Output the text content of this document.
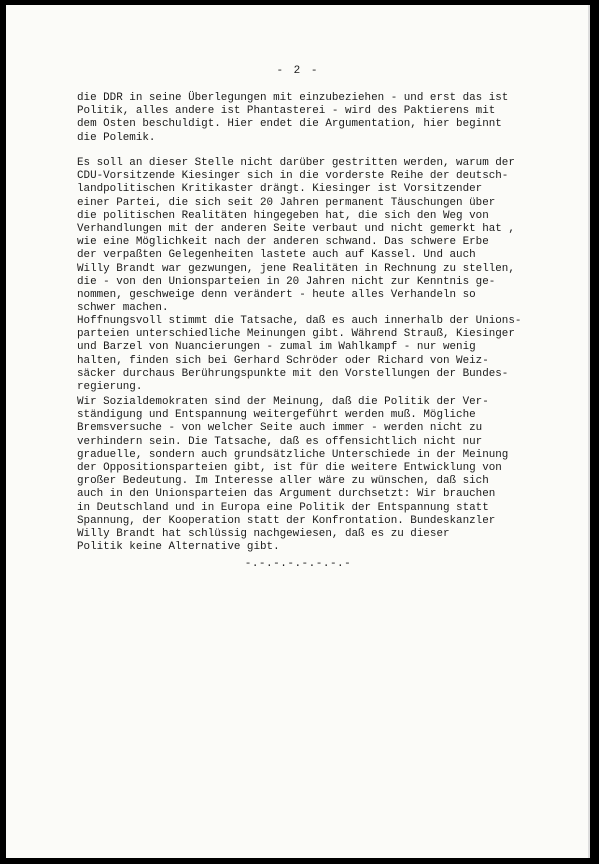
- 2 -
die DDR in seine Überlegungen mit einzubeziehen - und erst das ist
Politik, alles andere ist Phantasterei - wird des Paktierens mit
dem Osten beschuldigt. Hier endet die Argumentation, hier beginnt
die Polemik.
Es soll an dieser Stelle nicht darüber gestritten werden, warum der
CDU-Vorsitzende Kiesinger sich in die vorderste Reihe der deutsch-
landpolitischen Kritikaster drängt. Kiesinger ist Vorsitzender
einer Partei, die sich seit 20 Jahren permanent Täuschungen über
die politischen Realitäten hingegeben hat, die sich den Weg von
Verhandlungen mit der anderen Seite verbaut und nicht gemerkt hat ,
wie eine Möglichkeit nach der anderen schwand. Das schwere Erbe
der verpaßten Gelegenheiten lastete auch auf Kassel. Und auch
Willy Brandt war gezwungen, jene Realitäten in Rechnung zu stellen,
die - von den Unionsparteien in 20 Jahren nicht zur Kenntnis ge-
nommen, geschweige denn verändert - heute alles Verhandeln so
schwer machen.
Hoffnungsvoll stimmt die Tatsache, daß es auch innerhalb der Unions-
parteien unterschiedliche Meinungen gibt. Während Strauß, Kiesinger
und Barzel von Nuancierungen - zumal im Wahlkampf - nur wenig
halten, finden sich bei Gerhard Schröder oder Richard von Weiz-
säcker durchaus Berührungspunkte mit den Vorstellungen der Bundes-
regierung.
Wir Sozialdemokraten sind der Meinung, daß die Politik der Ver-
ständigung und Entspannung weitergeführt werden muß. Mögliche
Bremsversuche - von welcher Seite auch immer - werden nicht zu
verhindern sein. Die Tatsache, daß es offensichtlich nicht nur
graduelle, sondern auch grundsätzliche Unterschiede in der Meinung
der Oppositionsparteien gibt, ist für die weitere Entwicklung von
großer Bedeutung. Im Interesse aller wäre zu wünschen, daß sich
auch in den Unionsparteien das Argument durchsetzt: Wir brauchen
in Deutschland und in Europa eine Politik der Entspannung statt
Spannung, der Kooperation statt der Konfrontation. Bundeskanzler
Willy Brandt hat schlüssig nachgewiesen, daß es zu dieser
Politik keine Alternative gibt.
-.-.-.-.-.-.-.-
